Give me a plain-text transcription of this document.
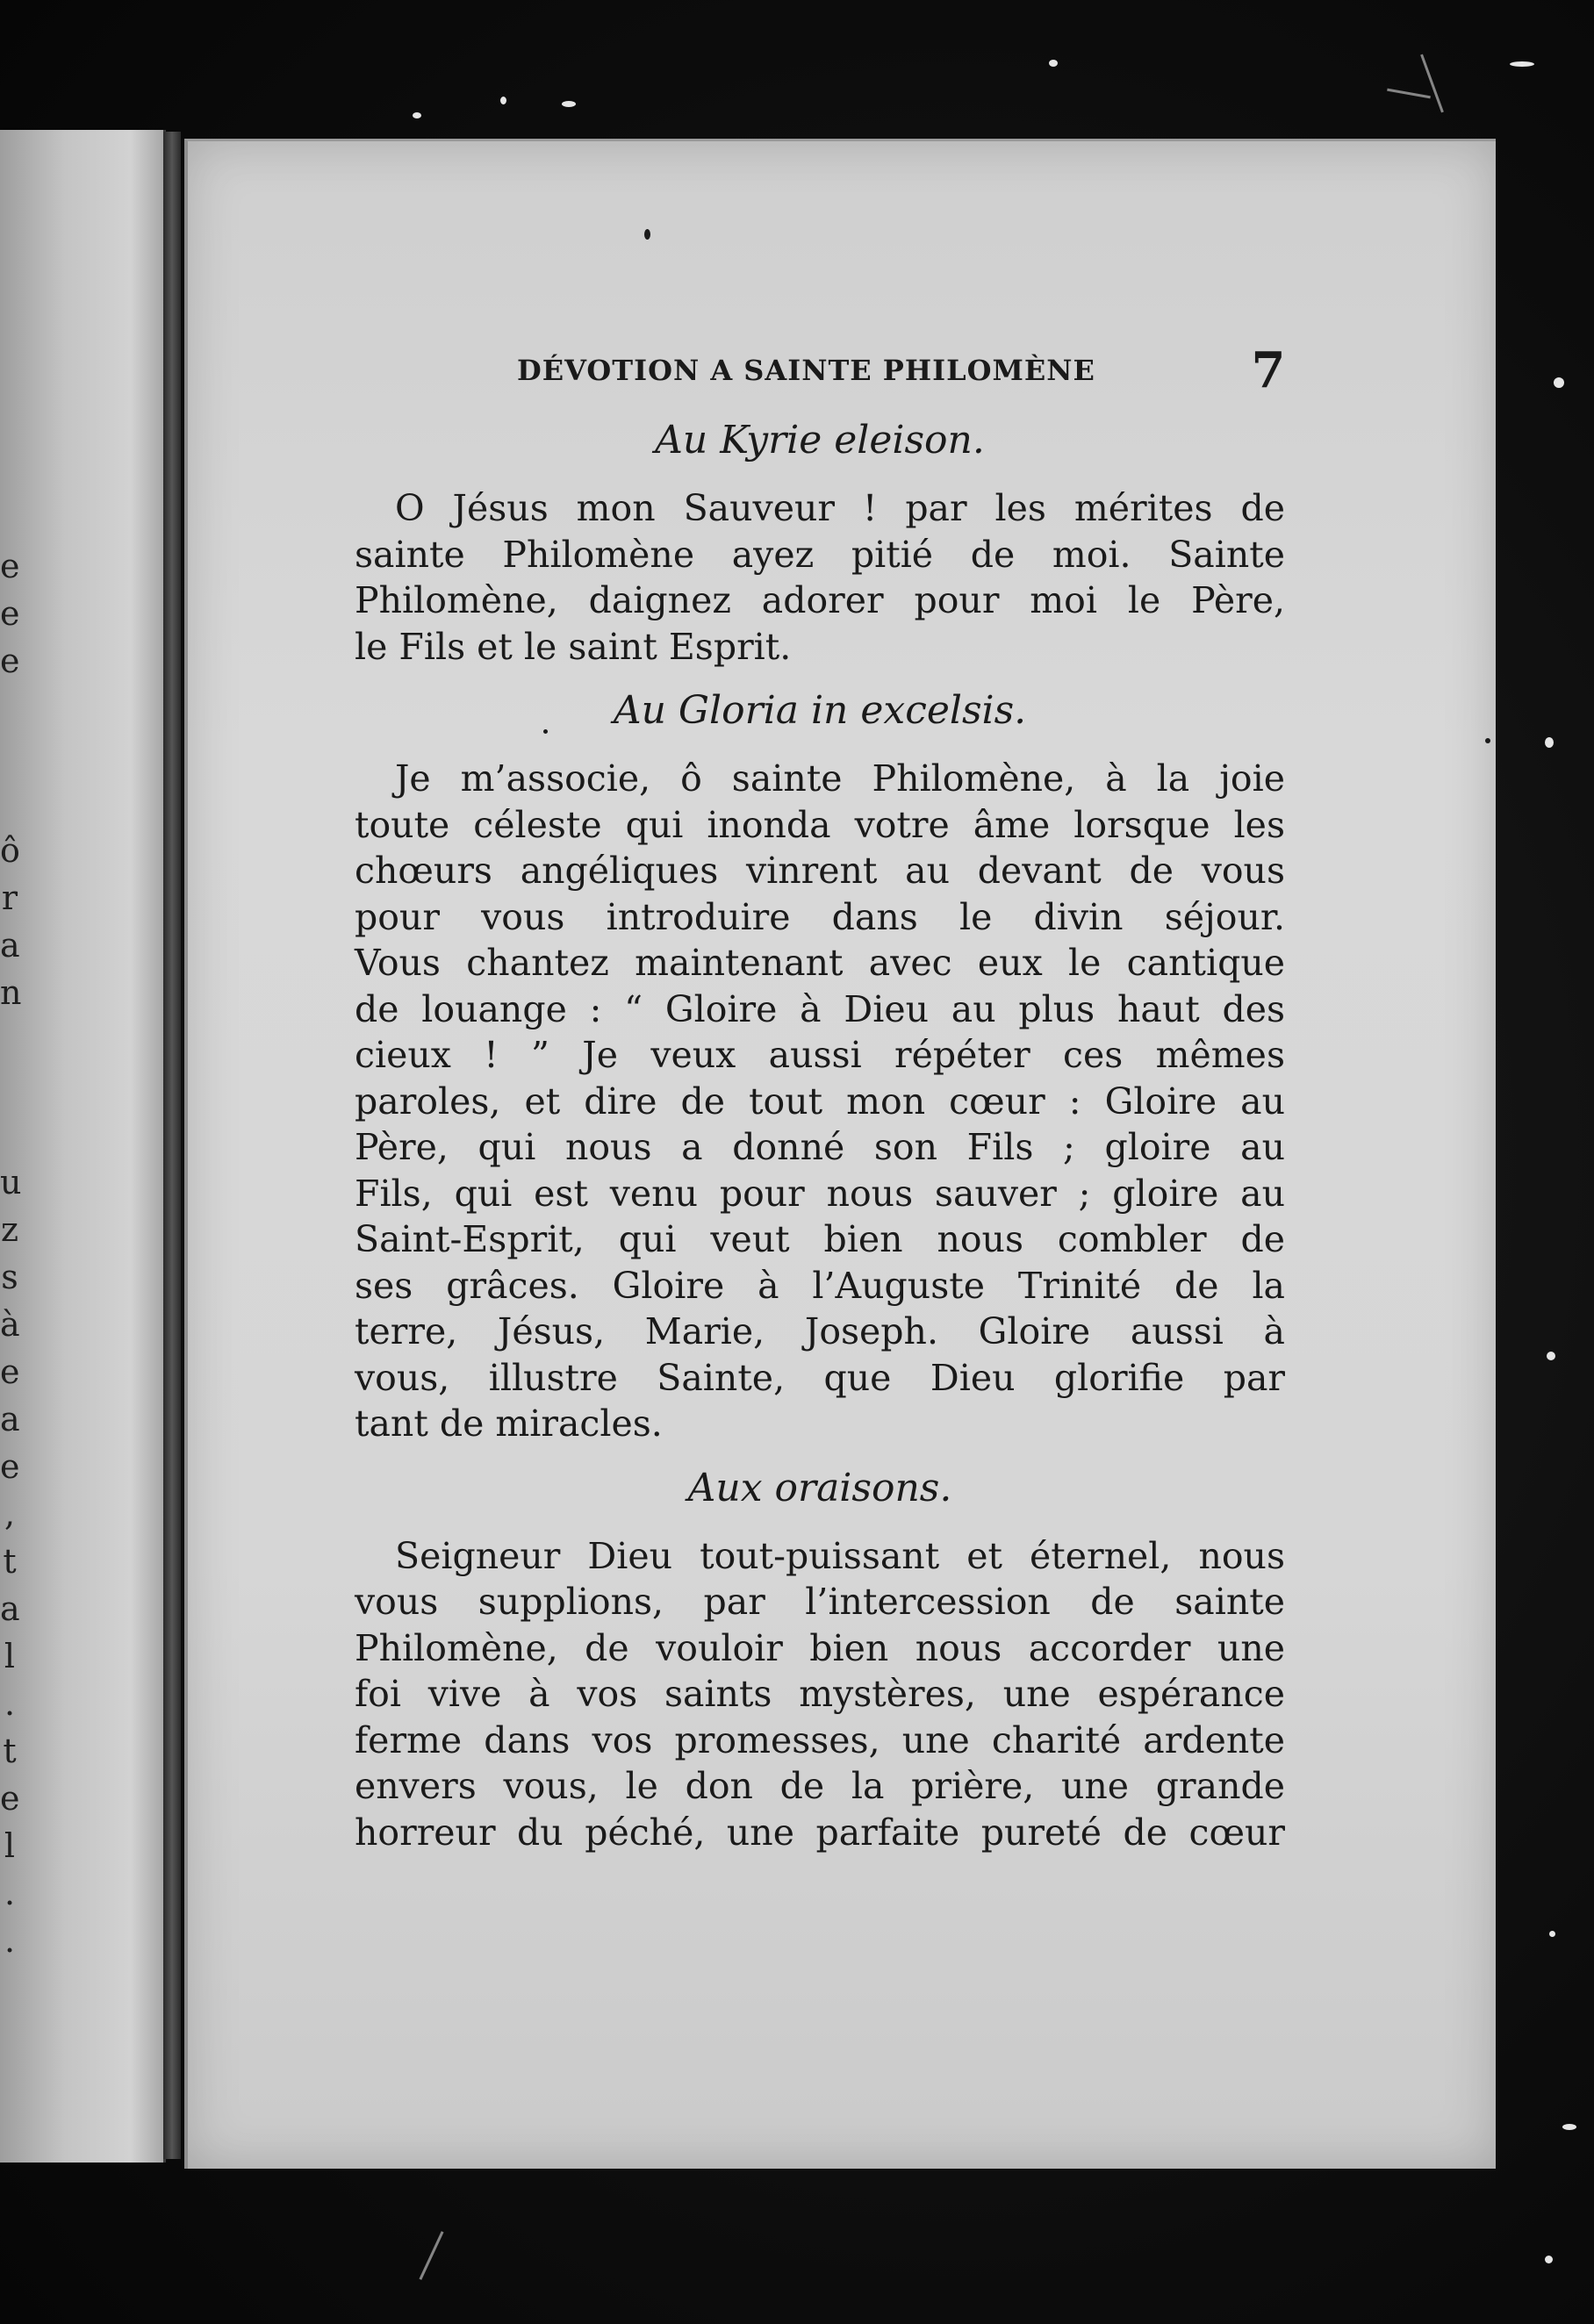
e
e
e
ô
r
a
n
u
z
s
à
e
a
e
,
t
a
l
.
t
e
l
.
.
DÉVOTION A SAINTE PHILOMÈNE	7
Au Kyrie eleison.
O Jésus mon Sauveur ! par les mérites de
sainte Philomène ayez pitié de moi. Sainte
Philomène, daignez adorer pour moi le Père,
le Fils et le saint Esprit.
Au Gloria in excelsis.
Je m’associe, ô sainte Philomène, à la joie
toute céleste qui inonda votre âme lorsque les
chœurs angéliques vinrent au devant de vous
pour vous introduire dans le divin séjour.
Vous chantez maintenant avec eux le cantique
de louange : “ Gloire à Dieu au plus haut des
cieux ! ” Je veux aussi répéter ces mêmes
paroles, et dire de tout mon cœur : Gloire au
Père, qui nous a donné son Fils ; gloire au
Fils, qui est venu pour nous sauver ; gloire au
Saint-Esprit, qui veut bien nous combler de
ses grâces. Gloire à l’Auguste Trinité de la
terre, Jésus, Marie, Joseph. Gloire aussi à
vous, illustre Sainte, que Dieu glorifie par
tant de miracles.
Aux oraisons.
Seigneur Dieu tout-puissant et éternel, nous
vous supplions, par l’intercession de sainte
Philomène, de vouloir bien nous accorder une
foi vive à vos saints mystères, une espérance
ferme dans vos promesses, une charité ardente
envers vous, le don de la prière, une grande
horreur du péché, une parfaite pureté de cœur
